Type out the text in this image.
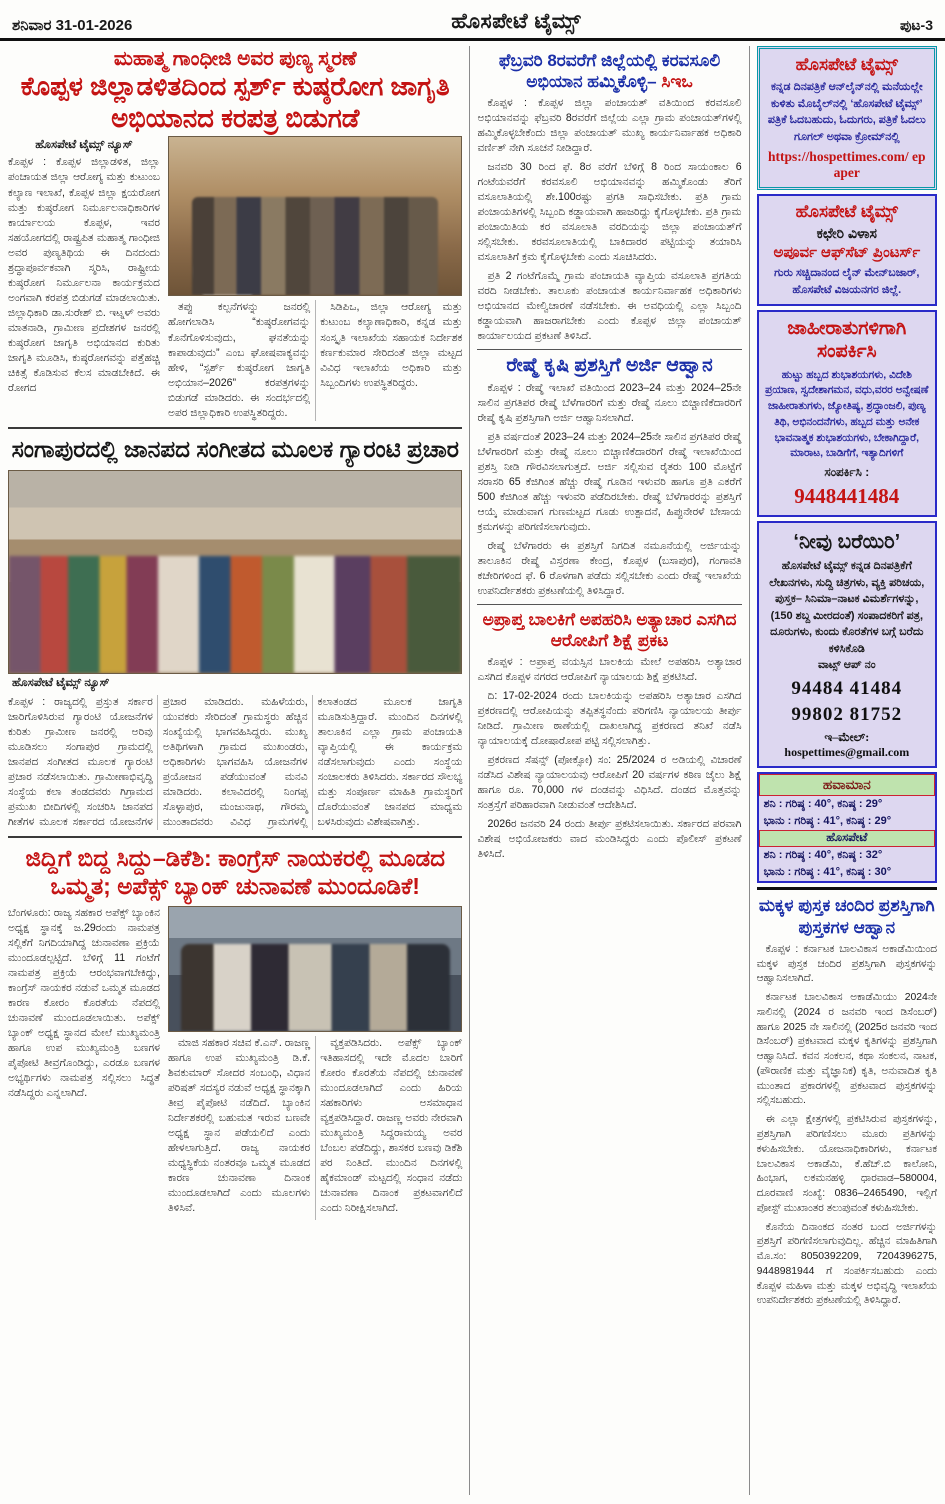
ಶನಿವಾರ 31-01-2026	ಹೊಸಪೇಟೆ ಟೈಮ್ಸ್	ಪುಟ-3
ಮಹಾತ್ಮ ಗಾಂಧೀಜಿ ಅವರ ಪುಣ್ಯ ಸ್ಮರಣೆ
ಕೊಪ್ಪಳ ಜಿಲ್ಲಾಡಳಿತದಿಂದ ಸ್ಪರ್ಶ್ ಕುಷ್ಠರೋಗ ಜಾಗೃತಿ ಅಭಿಯಾನದ ಕರಪತ್ರ ಬಿಡುಗಡೆ
ಹೊಸಪೇಟೆ ಟೈಮ್ಸ್ ನ್ಯೂಸ್
ಕೊಪ್ಪಳ : ಕೊಪ್ಪಳ ಜಿಲ್ಲಾಡಳಿತ, ಜಿಲ್ಲಾ ಪಂಚಾಯತ ಜಿಲ್ಲಾ ಆರೋಗ್ಯ ಮತ್ತು ಕುಟುಂಬ ಕಲ್ಯಾಣ ಇಲಾಖೆ, ಕೊಪ್ಪಳ ಜಿಲ್ಲಾ ಕ್ಷಯರೋಗ ಮತ್ತು ಕುಷ್ಠರೋಗ ನಿರ್ಮೂಲನಾಧಿಕಾರಿಗಳ ಕಾರ್ಯಾಲಯ ಕೊಪ್ಪಳ, ಇವರ ಸಹಯೋಗದಲ್ಲಿ ರಾಷ್ಟ್ರಪಿತ ಮಹಾತ್ಮ ಗಾಂಧೀಜಿ ಅವರ ಪುಣ್ಯತಿಥಿಯ ಈ ದಿನದಂದು ಶ್ರದ್ಧಾಪೂರ್ವಕವಾಗಿ ಸ್ಮರಿಸಿ, ರಾಷ್ಟ್ರೀಯ ಕುಷ್ಠರೋಗ ನಿರ್ಮೂಲನಾ ಕಾರ್ಯಕ್ರಮದ ಅಂಗವಾಗಿ ಕರಪತ್ರ ಬಿಡುಗಡೆ ಮಾಡಲಾಯಿತು. ಜಿಲ್ಲಾಧಿಕಾರಿ ಡಾ.ಸುರೇಶ್ ಬಿ. ಇಟ್ನಳ್ ಅವರು ಮಾತನಾಡಿ, ಗ್ರಾಮೀಣ ಪ್ರದೇಶಗಳ ಜನರಲ್ಲಿ ಕುಷ್ಠರೋಗ ಜಾಗೃತಿ ಅಭಿಯಾನದ ಕುರಿತು ಜಾಗೃತಿ ಮೂಡಿಸಿ, ಕುಷ್ಠರೋಗವನ್ನು ಪತ್ತೆಹಚ್ಚಿ ಚಿಕಿತ್ಸೆ ಕೊಡಿಸುವ ಕೆಲಸ ಮಾಡಬೇಕಿದೆ. ಈ ರೋಗದ

ತಪ್ಪು ಕಲ್ಪನೆಗಳನ್ನು ಜನರಲ್ಲಿ ಹೋಗಲಾಡಿಸಿ “ಕುಷ್ಠರೋಗವನ್ನು ಕೊನೆಗೊಳಿಸುವುದು, ಘನತೆಯನ್ನು ಕಾಪಾಡುವುದು” ಎಂಬ ಘೋಷವಾಕ್ಯವನ್ನು ಹೇಳಿ, “ಸ್ಪರ್ಶ್ ಕುಷ್ಠರೋಗ ಜಾಗೃತಿ ಅಭಿಯಾನ–2026” ಕರಪತ್ರಗಳನ್ನು ಬಿಡುಗಡೆ ಮಾಡಿದರು. ಈ ಸಂದರ್ಭದಲ್ಲಿ ಅಪರ ಜಿಲ್ಲಾಧಿಕಾರಿ ಉಪಸ್ಥಿತರಿದ್ದರು.

ಸಿಡಿಪಿಒ, ಜಿಲ್ಲಾ ಆರೋಗ್ಯ ಮತ್ತು ಕುಟುಂಬ ಕಲ್ಯಾಣಾಧಿಕಾರಿ, ಕನ್ನಡ ಮತ್ತು ಸಂಸ್ಕೃತಿ ಇಲಾಖೆಯ ಸಹಾಯಕ ನಿರ್ದೇಶಕ ಕರ್ಣಕುಮಾರ ಸೇರಿದಂತೆ ಜಿಲ್ಲಾ ಮಟ್ಟದ ವಿವಿಧ ಇಲಾಖೆಯ ಅಧಿಕಾರಿ ಮತ್ತು ಸಿಬ್ಬಂದಿಗಳು ಉಪಸ್ಥಿತರಿದ್ದರು.

ಸಂಗಾಪುರದಲ್ಲಿ ಜಾನಪದ ಸಂಗೀತದ ಮೂಲಕ ಗ್ಯಾರಂಟಿ ಪ್ರಚಾರ
ಹೊಸಪೇಟೆ ಟೈಮ್ಸ್ ನ್ಯೂಸ್
ಕೊಪ್ಪಳ : ರಾಜ್ಯದಲ್ಲಿ ಪ್ರಸ್ತುತ ಸರ್ಕಾರ ಜಾರಿಗೊಳಿಸಿರುವ ಗ್ಯಾರಂಟಿ ಯೋಜನೆಗಳ ಕುರಿತು ಗ್ರಾಮೀಣ ಜನರಲ್ಲಿ ಅರಿವು ಮೂಡಿಸಲು ಸಂಗಾಪುರ ಗ್ರಾಮದಲ್ಲಿ ಜಾನಪದ ಸಂಗೀತದ ಮೂಲಕ ಗ್ಯಾರಂಟಿ ಪ್ರಚಾರ ನಡೆಸಲಾಯಿತು. ಗ್ರಾಮೀಣಾಭಿವೃದ್ಧಿ ಸಂಸ್ಥೆಯ ಕಲಾ ತಂಡದವರು ಗಿಗ್ರಾಮದ ಪ್ರಮುಖ ಬೀದಿಗಳಲ್ಲಿ ಸಂಚರಿಸಿ ಜಾನಪದ ಗೀತೆಗಳ ಮೂಲಕ ಸರ್ಕಾರದ ಯೋಜನೆಗಳ ಪ್ರಚಾರ ಮಾಡಿದರು. ಮಹಿಳೆಯರು, ಯುವಕರು ಸೇರಿದಂತೆ ಗ್ರಾಮಸ್ಥರು ಹೆಚ್ಚಿನ ಸಂಖ್ಯೆಯಲ್ಲಿ ಭಾಗವಹಿಸಿದ್ದರು. ಮುಖ್ಯ ಅತಿಥಿಗಳಾಗಿ ಗ್ರಾಮದ ಮುಖಂಡರು, ಅಧಿಕಾರಿಗಳು ಭಾಗವಹಿಸಿ ಯೋಜನೆಗಳ ಪ್ರಯೋಜನ ಪಡೆಯುವಂತೆ ಮನವಿ ಮಾಡಿದರು. ಕಲಾವಿದರಲ್ಲಿ ನಿಂಗಪ್ಪ ಸೊಳ್ಳಾಪುರ, ಮಂಜುನಾಥ, ಗೌರಮ್ಮ ಮುಂತಾದವರು ವಿವಿಧ ಗ್ರಾಮಗಳಲ್ಲಿ ಕಲಾತಂಡದ ಮೂಲಕ ಜಾಗೃತಿ ಮೂಡಿಸುತ್ತಿದ್ದಾರೆ. ಮುಂದಿನ ದಿನಗಳಲ್ಲಿ ತಾಲೂಕಿನ ಎಲ್ಲಾ ಗ್ರಾಮ ಪಂಚಾಯತಿ ವ್ಯಾಪ್ತಿಯಲ್ಲಿ ಈ ಕಾರ್ಯಕ್ರಮ ನಡೆಸಲಾಗುವುದು ಎಂದು ಸಂಸ್ಥೆಯ ಸಂಚಾಲಕರು ತಿಳಿಸಿದರು. ಸರ್ಕಾರದ ಸೌಲಭ್ಯ ಮತ್ತು ಸಂಪೂರ್ಣ ಮಾಹಿತಿ ಗ್ರಾಮಸ್ಥರಿಗೆ ದೊರೆಯುವಂತೆ ಜಾನಪದ ಮಾಧ್ಯಮ ಬಳಸಿರುವುದು ವಿಶೇಷವಾಗಿತ್ತು.
ಜಿದ್ದಿಗೆ ಬಿದ್ದ ಸಿದ್ದು–ಡಿಕೆಶಿ: ಕಾಂಗ್ರೆಸ್ ನಾಯಕರಲ್ಲಿ ಮೂಡದ ಒಮ್ಮತ; ಅಪೆಕ್ಸ್ ಬ್ಯಾಂಕ್ ಚುನಾವಣೆ ಮುಂದೂಡಿಕೆ!
ಬೆಂಗಳೂರು: ರಾಜ್ಯ ಸಹಕಾರ ಅಪೆಕ್ಸ್ ಬ್ಯಾಂಕಿನ ಅಧ್ಯಕ್ಷ ಸ್ಥಾನಕ್ಕೆ ಜ.29ರಂದು ನಾಮಪತ್ರ ಸಲ್ಲಿಕೆಗೆ ನಿಗದಿಯಾಗಿದ್ದ ಚುನಾವಣಾ ಪ್ರಕ್ರಿಯೆ ಮುಂದೂಡಲ್ಪಟ್ಟಿದೆ. ಬೆಳಿಗ್ಗೆ 11 ಗಂಟೆಗೆ ನಾಮಪತ್ರ ಪ್ರಕ್ರಿಯೆ ಆರಂಭವಾಗಬೇಕಿದ್ದು, ಕಾಂಗ್ರೆಸ್ ನಾಯಕರ ನಡುವೆ ಒಮ್ಮತ ಮೂಡದ ಕಾರಣ ಕೋರಂ ಕೊರತೆಯ ನೆಪದಲ್ಲಿ ಚುನಾವಣೆ ಮುಂದೂಡಲಾಯಿತು. ಅಪೆಕ್ಸ್ ಬ್ಯಾಂಕ್ ಅಧ್ಯಕ್ಷ ಸ್ಥಾನದ ಮೇಲೆ ಮುಖ್ಯಮಂತ್ರಿ ಹಾಗೂ ಉಪ ಮುಖ್ಯಮಂತ್ರಿ ಬಣಗಳ ಪೈಪೋಟಿ ತೀವ್ರಗೊಂಡಿದ್ದು, ಎರಡೂ ಬಣಗಳ ಅಭ್ಯರ್ಥಿಗಳು ನಾಮಪತ್ರ ಸಲ್ಲಿಸಲು ಸಿದ್ಧತೆ ನಡೆಸಿದ್ದರು ಎನ್ನಲಾಗಿದೆ.

ಮಾಜಿ ಸಹಕಾರ ಸಚಿವ ಕೆ.ಎನ್. ರಾಜಣ್ಣ ಹಾಗೂ ಉಪ ಮುಖ್ಯಮಂತ್ರಿ ಡಿ.ಕೆ. ಶಿವಕುಮಾರ್ ಸೋದರ ಸಂಬಂಧಿ, ವಿಧಾನ ಪರಿಷತ್ ಸದಸ್ಯರ ನಡುವೆ ಅಧ್ಯಕ್ಷ ಸ್ಥಾನಕ್ಕಾಗಿ ತೀವ್ರ ಪೈಪೋಟಿ ನಡೆದಿದೆ. ಬ್ಯಾಂಕಿನ ನಿರ್ದೇಶಕರಲ್ಲಿ ಬಹುಮತ ಇರುವ ಬಣವೇ ಅಧ್ಯಕ್ಷ ಸ್ಥಾನ ಪಡೆಯಲಿದೆ ಎಂದು ಹೇಳಲಾಗುತ್ತಿದೆ. ರಾಜ್ಯ ನಾಯಕರ ಮಧ್ಯಸ್ಥಿಕೆಯ ನಂತರವೂ ಒಮ್ಮತ ಮೂಡದ ಕಾರಣ ಚುನಾವಣಾ ದಿನಾಂಕ ಮುಂದೂಡಲಾಗಿದೆ ಎಂದು ಮೂಲಗಳು ತಿಳಿಸಿವೆ.

ವ್ಯಕ್ತಪಡಿಸಿದರು. ಅಪೆಕ್ಸ್ ಬ್ಯಾಂಕ್ ಇತಿಹಾಸದಲ್ಲಿ ಇದೇ ಮೊದಲ ಬಾರಿಗೆ ಕೋರಂ ಕೊರತೆಯ ನೆಪದಲ್ಲಿ ಚುನಾವಣೆ ಮುಂದೂಡಲಾಗಿದೆ ಎಂದು ಹಿರಿಯ ಸಹಕಾರಿಗಳು ಅಸಮಾಧಾನ ವ್ಯಕ್ತಪಡಿಸಿದ್ದಾರೆ. ರಾಜಣ್ಣ ಅವರು ನೇರವಾಗಿ ಮುಖ್ಯಮಂತ್ರಿ ಸಿದ್ದರಾಮಯ್ಯ ಅವರ ಬೆಂಬಲ ಪಡೆದಿದ್ದು, ಶಾಸಕರ ಬಣವು ಡಿಕೆಶಿ ಪರ ನಿಂತಿದೆ. ಮುಂದಿನ ದಿನಗಳಲ್ಲಿ ಹೈಕಮಾಂಡ್ ಮಟ್ಟದಲ್ಲಿ ಸಂಧಾನ ನಡೆದು ಚುನಾವಣಾ ದಿನಾಂಕ ಪ್ರಕಟವಾಗಲಿದೆ ಎಂದು ನಿರೀಕ್ಷಿಸಲಾಗಿದೆ.

ಫೆಬ್ರವರಿ 8ರವರೆಗೆ ಜಿಲ್ಲೆಯಲ್ಲಿ ಕರವಸೂಲಿ ಅಭಿಯಾನ ಹಮ್ಮಿಕೊಳ್ಳಿ– ಸಿಇಒ

ಕೊಪ್ಪಳ : ಕೊಪ್ಪಳ ಜಿಲ್ಲಾ ಪಂಚಾಯತ್ ವತಿಯಿಂದ ಕರವಸೂಲಿ ಅಭಿಯಾನವನ್ನು ಫೆಬ್ರವರಿ 8ರವರೆಗೆ ಜಿಲ್ಲೆಯ ಎಲ್ಲಾ ಗ್ರಾಮ ಪಂಚಾಯತ್‌ಗಳಲ್ಲಿ ಹಮ್ಮಿಕೊಳ್ಳಬೇಕೆಂದು ಜಿಲ್ಲಾ ಪಂಚಾಯತ್ ಮುಖ್ಯ ಕಾರ್ಯನಿರ್ವಾಹಕ ಅಧಿಕಾರಿ ವರ್ಣಿತ್ ನೇಗಿ ಸೂಚನೆ ನೀಡಿದ್ದಾರೆ.

ಜನವರಿ 30 ರಿಂದ ಫೆ. 8ರ ವರೆಗೆ ಬೆಳಿಗ್ಗೆ 8 ರಿಂದ ಸಾಯಂಕಾಲ 6 ಗಂಟೆಯವರೆಗೆ ಕರವಸೂಲಿ ಅಭಿಯಾನವನ್ನು ಹಮ್ಮಿಕೊಂಡು ತೆರಿಗೆ ವಸೂಲಾತಿಯಲ್ಲಿ ಶೇ.100ರಷ್ಟು ಪ್ರಗತಿ ಸಾಧಿಸಬೇಕು. ಪ್ರತಿ ಗ್ರಾಮ ಪಂಚಾಯತಿಗಳಲ್ಲಿ ಸಿಬ್ಬಂದಿ ಕಡ್ಡಾಯವಾಗಿ ಹಾಜರಿದ್ದು ಕೈಗೊಳ್ಳಬೇಕು. ಪ್ರತಿ ಗ್ರಾಮ ಪಂಚಾಯಿತಿಯ ಕರ ವಸೂಲಾತಿ ವರದಿಯನ್ನು ಜಿಲ್ಲಾ ಪಂಚಾಯತ್‌ಗೆ ಸಲ್ಲಿಸಬೇಕು. ಕರವಸೂಲಾತಿಯಲ್ಲಿ ಬಾಕಿದಾರರ ಪಟ್ಟಿಯನ್ನು ತಯಾರಿಸಿ ವಸೂಲಾತಿಗೆ ಕ್ರಮ ಕೈಗೊಳ್ಳಬೇಕು ಎಂದು ಸೂಚಿಸಿದರು.

ಪ್ರತಿ 2 ಗಂಟೆಗೊಮ್ಮೆ ಗ್ರಾಮ ಪಂಚಾಯತಿ ವ್ಯಾಪ್ತಿಯ ವಸೂಲಾತಿ ಪ್ರಗತಿಯ ವರದಿ ನೀಡಬೇಕು. ತಾಲೂಕು ಪಂಚಾಯತ ಕಾರ್ಯನಿರ್ವಾಹಕ ಅಧಿಕಾರಿಗಳು ಅಭಿಯಾನದ ಮೇಲ್ವಿಚಾರಣೆ ನಡೆಸಬೇಕು. ಈ ಅವಧಿಯಲ್ಲಿ ಎಲ್ಲಾ ಸಿಬ್ಬಂದಿ ಕಡ್ಡಾಯವಾಗಿ ಹಾಜರಾಗಬೇಕು ಎಂದು ಕೊಪ್ಪಳ ಜಿಲ್ಲಾ ಪಂಚಾಯತ್ ಕಾರ್ಯಾಲಯದ ಪ್ರಕಟಣೆ ತಿಳಿಸಿದೆ.

ರೇಷ್ಮೆ ಕೃಷಿ ಪ್ರಶಸ್ತಿಗೆ ಅರ್ಜಿ ಆಹ್ವಾನ

ಕೊಪ್ಪಳ : ರೇಷ್ಮೆ ಇಲಾಖೆ ವತಿಯಿಂದ 2023–24 ಮತ್ತು 2024–25ನೇ ಸಾಲಿನ ಪ್ರಗತಿಪರ ರೇಷ್ಮೆ ಬೆಳೆಗಾರರಿಗೆ ಮತ್ತು ರೇಷ್ಮೆ ನೂಲು ಬಿಚ್ಚಾಣಿಕೆದಾರರಿಗೆ ರೇಷ್ಮೆ ಕೃಷಿ ಪ್ರಶಸ್ತಿಗಾಗಿ ಅರ್ಜಿ ಆಹ್ವಾನಿಸಲಾಗಿದೆ.

ಪ್ರತಿ ವರ್ಷದಂತೆ 2023–24 ಮತ್ತು 2024–25ನೇ ಸಾಲಿನ ಪ್ರಗತಿಪರ ರೇಷ್ಮೆ ಬೆಳೆಗಾರರಿಗೆ ಮತ್ತು ರೇಷ್ಮೆ ನೂಲು ಬಿಚ್ಚಾಣಿಕೆದಾರರಿಗೆ ರೇಷ್ಮೆ ಇಲಾಖೆಯಿಂದ ಪ್ರಶಸ್ತಿ ನೀಡಿ ಗೌರವಿಸಲಾಗುತ್ತದೆ. ಅರ್ಜಿ ಸಲ್ಲಿಸುವ ರೈತರು 100 ಮೊಟ್ಟೆಗೆ ಸರಾಸರಿ 65 ಕೆಜಿಗಿಂತ ಹೆಚ್ಚು ರೇಷ್ಮೆ ಗೂಡಿನ ಇಳುವರಿ ಹಾಗೂ ಪ್ರತಿ ಎಕರೆಗೆ 500 ಕೆಜಿಗಿಂತ ಹೆಚ್ಚು ಇಳುವರಿ ಪಡೆದಿರಬೇಕು. ರೇಷ್ಮೆ ಬೆಳೆಗಾರರನ್ನು ಪ್ರಶಸ್ತಿಗೆ ಆಯ್ಕೆ ಮಾಡುವಾಗ ಗುಣಮಟ್ಟದ ಗೂಡು ಉತ್ಪಾದನೆ, ಹಿಪ್ಪುನೇರಳೆ ಬೇಸಾಯ ಕ್ರಮಗಳನ್ನು ಪರಿಗಣಿಸಲಾಗುವುದು.

ರೇಷ್ಮೆ ಬೆಳೆಗಾರರು ಈ ಪ್ರಶಸ್ತಿಗೆ ನಿಗದಿತ ನಮೂನೆಯಲ್ಲಿ ಅರ್ಜಿಯನ್ನು ತಾಲೂಕಿನ ರೇಷ್ಮೆ ವಿಸ್ತರಣಾ ಕೇಂದ್ರ, ಕೊಪ್ಪಳ (ಬಸಾಪುರ), ಗಂಗಾವತಿ ಕಚೇರಿಗಳಿಂದ ಫೆ. 6 ರೊಳಗಾಗಿ ಪಡೆದು ಸಲ್ಲಿಸಬೇಕು ಎಂದು ರೇಷ್ಮೆ ಇಲಾಖೆಯ ಉಪನಿರ್ದೇಶಕರು ಪ್ರಕಟಣೆಯಲ್ಲಿ ತಿಳಿಸಿದ್ದಾರೆ.

ಅಪ್ರಾಪ್ತ ಬಾಲಕಿಗೆ ಅಪಹರಿಸಿ ಅತ್ಯಾಚಾರ ಎಸಗಿದ ಆರೋಪಿಗೆ ಶಿಕ್ಷೆ ಪ್ರಕಟ

ಕೊಪ್ಪಳ : ಅಪ್ರಾಪ್ತ ವಯಸ್ಸಿನ ಬಾಲಕಿಯ ಮೇಲೆ ಅಪಹರಿಸಿ ಅತ್ಯಾಚಾರ ಎಸಗಿದ ಕೊಪ್ಪಳ ನಗರದ ಆರೋಪಿಗೆ ನ್ಯಾಯಾಲಯ ಶಿಕ್ಷೆ ಪ್ರಕಟಿಸಿದೆ.

ದಿ: 17-02-2024 ರಂದು ಬಾಲಕಿಯನ್ನು ಅಪಹರಿಸಿ ಅತ್ಯಾಚಾರ ಎಸಗಿದ ಪ್ರಕರಣದಲ್ಲಿ ಆರೋಪಿಯನ್ನು ತಪ್ಪಿತಸ್ಥನೆಂದು ಪರಿಗಣಿಸಿ ನ್ಯಾಯಾಲಯ ತೀರ್ಪು ನೀಡಿದೆ. ಗ್ರಾಮೀಣ ಠಾಣೆಯಲ್ಲಿ ದಾಖಲಾಗಿದ್ದ ಪ್ರಕರಣದ ತನಿಖೆ ನಡೆಸಿ ನ್ಯಾಯಾಲಯಕ್ಕೆ ದೋಷಾರೋಪ ಪಟ್ಟಿ ಸಲ್ಲಿಸಲಾಗಿತ್ತು.

ಪ್ರಕರಣದ ಸೆಷನ್ಸ್ (ಪೋಕ್ಸೋ) ಸಂ: 25/2024 ರ ಅಡಿಯಲ್ಲಿ ವಿಚಾರಣೆ ನಡೆಸಿದ ವಿಶೇಷ ನ್ಯಾಯಾಲಯವು ಆರೋಪಿಗೆ 20 ವರ್ಷಗಳ ಕಠಿಣ ಜೈಲು ಶಿಕ್ಷೆ ಹಾಗೂ ರೂ. 70,000 ಗಳ ದಂಡವನ್ನು ವಿಧಿಸಿದೆ. ದಂಡದ ಮೊತ್ತವನ್ನು ಸಂತ್ರಸ್ತೆಗೆ ಪರಿಹಾರವಾಗಿ ನೀಡುವಂತೆ ಆದೇಶಿಸಿದೆ.

2026ರ ಜನವರಿ 24 ರಂದು ತೀರ್ಪು ಪ್ರಕಟಿಸಲಾಯಿತು. ಸರ್ಕಾರದ ಪರವಾಗಿ ವಿಶೇಷ ಅಭಿಯೋಜಕರು ವಾದ ಮಂಡಿಸಿದ್ದರು ಎಂದು ಪೊಲೀಸ್ ಪ್ರಕಟಣೆ ತಿಳಿಸಿದೆ.

ಹೊಸಪೇಟೆ ಟೈಮ್ಸ್
ಕನ್ನಡ ದಿನಪತ್ರಿಕೆ ಆನ್‌ಲೈನ್‌ನಲ್ಲಿ ಮನೆಯಲ್ಲೇ ಕುಳಿತು ಮೊಬೈಲ್‌ನಲ್ಲಿ ‘ಹೊಸಪೇಟೆ ಟೈಮ್ಸ್’ ಪತ್ರಿಕೆ ಓದಬಹುದು, ಓದುಗರು, ಪತ್ರಿಕೆ ಓದಲು ಗೂಗಲ್ ಅಥವಾ ಕ್ರೋಮ್‌ನಲ್ಲಿ
https://hospettimes.com/ epaper
ಹೊಸಪೇಟೆ ಟೈಮ್ಸ್
ಕಛೇರಿ ವಿಳಾಸ
ಅಪೂರ್ವ ಆಫ್‌ಸೆಟ್ ಪ್ರಿಂಟರ್ಸ್
ಗುರು ಸಚ್ಚಿದಾನಂದ ಲೈನ್ ಮೇನ್‌ಬಜಾರ್, ಹೊಸಪೇಟೆ ವಿಜಯನಗರ ಜಿಲ್ಲೆ.
ಜಾಹೀರಾತುಗಳಿಗಾಗಿ ಸಂಪರ್ಕಿಸಿ
ಹುಟ್ಟು ಹಬ್ಬದ ಶುಭಾಶಯಗಳು, ವಿದೇಶಿ ಪ್ರಯಾಣ, ಸ್ವದೇಶಾಗಮನ, ವಧು,ವರರ ಅನ್ವೇಷಣೆ ಜಾಹೀರಾತುಗಳು, ಜ್ಯೋತಿಷ್ಯ, ಶ್ರದ್ಧಾಂಜಲಿ, ಪುಣ್ಯ ತಿಥಿ, ಅಭಿನಂದನೆಗಳು, ಹಬ್ಬದ ಮತ್ತು ಅನೇಕ ಭಾವನಾತ್ಮಕ ಶುಭಾಶಯಗಳು, ಬೇಕಾಗಿದ್ದಾರೆ, ಮಾರಾಟ, ಬಾಡಿಗೆಗೆ, ಇತ್ಯಾದಿಗಳಿಗೆ
ಸಂಪರ್ಕಿಸಿ :
9448441484
‘ನೀವು ಬರೆಯಿರಿ’
ಹೊಸಪೇಟೆ ಟೈಮ್ಸ್ ಕನ್ನಡ ದಿನಪತ್ರಿಕೆಗೆ ಲೇಖನಗಳು, ಸುದ್ದಿ ಚಿತ್ರಗಳು, ವ್ಯಕ್ತಿ ಪರಿಚಯ, ಪುಸ್ತಕ– ಸಿನಿಮಾ–ನಾಟಕ ವಿಮರ್ಶೆಗಳನ್ನು,(150 ಶಬ್ದ ಮೀರದಂತೆ) ಸಂಪಾದಕರಿಗೆ ಪತ್ರ, ದೂರುಗಳು, ಕುಂದು ಕೊರತೆಗಳ ಬಗ್ಗೆ ಬರೆದು ಕಳಿಸಿಕೊಡಿ
ವಾಟ್ಸ್ ಆಪ್ ನಂ
94484 41484
99802 81752
ಇ–ಮೇಲ್: hospettimes@gmail.com
ಹವಾಮಾನ
ಶನಿ : ಗರಿಷ್ಠ : 40°, ಕನಿಷ್ಠ : 29°
ಭಾನು : ಗರಿಷ್ಠ : 41°, ಕನಿಷ್ಠ : 29°
ಹೊಸಪೇಟೆ
ಶನಿ : ಗರಿಷ್ಠ : 40°, ಕನಿಷ್ಠ : 32°
ಭಾನು : ಗರಿಷ್ಠ : 41°, ಕನಿಷ್ಠ : 30°
ಮಕ್ಕಳ ಪುಸ್ತಕ ಚಂದಿರ ಪ್ರಶಸ್ತಿಗಾಗಿ ಪುಸ್ತಕಗಳ ಆಹ್ವಾನ

ಕೊಪ್ಪಳ : ಕರ್ನಾಟಕ ಬಾಲವಿಕಾಸ ಅಕಾಡೆಮಿಯಿಂದ ಮಕ್ಕಳ ಪುಸ್ತಕ ಚಂದಿರ ಪ್ರಶಸ್ತಿಗಾಗಿ ಪುಸ್ತಕಗಳನ್ನು ಆಹ್ವಾನಿಸಲಾಗಿದೆ.

ಕರ್ನಾಟಕ ಬಾಲವಿಕಾಸ ಅಕಾಡೆಮಿಯು 2024ನೇ ಸಾಲಿನಲ್ಲಿ (2024 ರ ಜನವರಿ ಇಂದ ಡಿಸೆಂಬರ್) ಹಾಗೂ 2025 ನೇ ಸಾಲಿನಲ್ಲಿ (2025ರ ಜನವರಿ ಇಂದ ಡಿಸೆಂಬರ್) ಪ್ರಕಟವಾದ ಮಕ್ಕಳ ಕೃತಿಗಳನ್ನು ಪ್ರಶಸ್ತಿಗಾಗಿ ಆಹ್ವಾನಿಸಿದೆ. ಕವನ ಸಂಕಲನ, ಕಥಾ ಸಂಕಲನ, ನಾಟಕ, (ಪೌರಾಣಿಕ ಮತ್ತು ವೈಜ್ಞಾನಿಕ) ಕೃತಿ, ಅನುವಾದಿತ ಕೃತಿ ಮುಂತಾದ ಪ್ರಕಾರಗಳಲ್ಲಿ ಪ್ರಕಟವಾದ ಪುಸ್ತಕಗಳನ್ನು ಸಲ್ಲಿಸಬಹುದು.

ಈ ಎಲ್ಲಾ ಕ್ಷೇತ್ರಗಳಲ್ಲಿ ಪ್ರಕಟಿಸಿರುವ ಪುಸ್ತಕಗಳನ್ನು, ಪ್ರಶಸ್ತಿಗಾಗಿ ಪರಿಗಣಿಸಲು ಮೂರು ಪ್ರತಿಗಳನ್ನು ಕಳುಹಿಸಬೇಕು. ಯೋಜನಾಧಿಕಾರಿಗಳು, ಕರ್ನಾಟಕ ಬಾಲವಿಕಾಸ ಅಕಾಡೆಮಿ, ಕೆ.ಹೆಚ್.ಬಿ ಕಾಲೋನಿ, ಹಿಂಭಾಗ, ಲಕಮನಹಳ್ಳಿ ಧಾರವಾಡ–580004, ದೂರವಾಣಿ ಸಂಖ್ಯೆ: 0836–2465490, ಇಲ್ಲಿಗೆ ಪೋಸ್ಟ್ ಮುಖಾಂತರ ತಲುಪುವಂತೆ ಕಳುಹಿಸಬೇಕು.

ಕೊನೆಯ ದಿನಾಂಕದ ನಂತರ ಬಂದ ಅರ್ಜಿಗಳನ್ನು ಪ್ರಶಸ್ತಿಗೆ ಪರಿಗಣಿಸಲಾಗುವುದಿಲ್ಲ. ಹೆಚ್ಚಿನ ಮಾಹಿತಿಗಾಗಿ ಮೊ.ಸಂ: 8050392209, 7204396275, 9448981944 ಗೆ ಸಂಪರ್ಕಿಸಬಹುದು ಎಂದು ಕೊಪ್ಪಳ ಮಹಿಳಾ ಮತ್ತು ಮಕ್ಕಳ ಅಭಿವೃದ್ಧಿ ಇಲಾಖೆಯ ಉಪನಿರ್ದೇಶಕರು ಪ್ರಕಟಣೆಯಲ್ಲಿ ತಿಳಿಸಿದ್ದಾರೆ.
